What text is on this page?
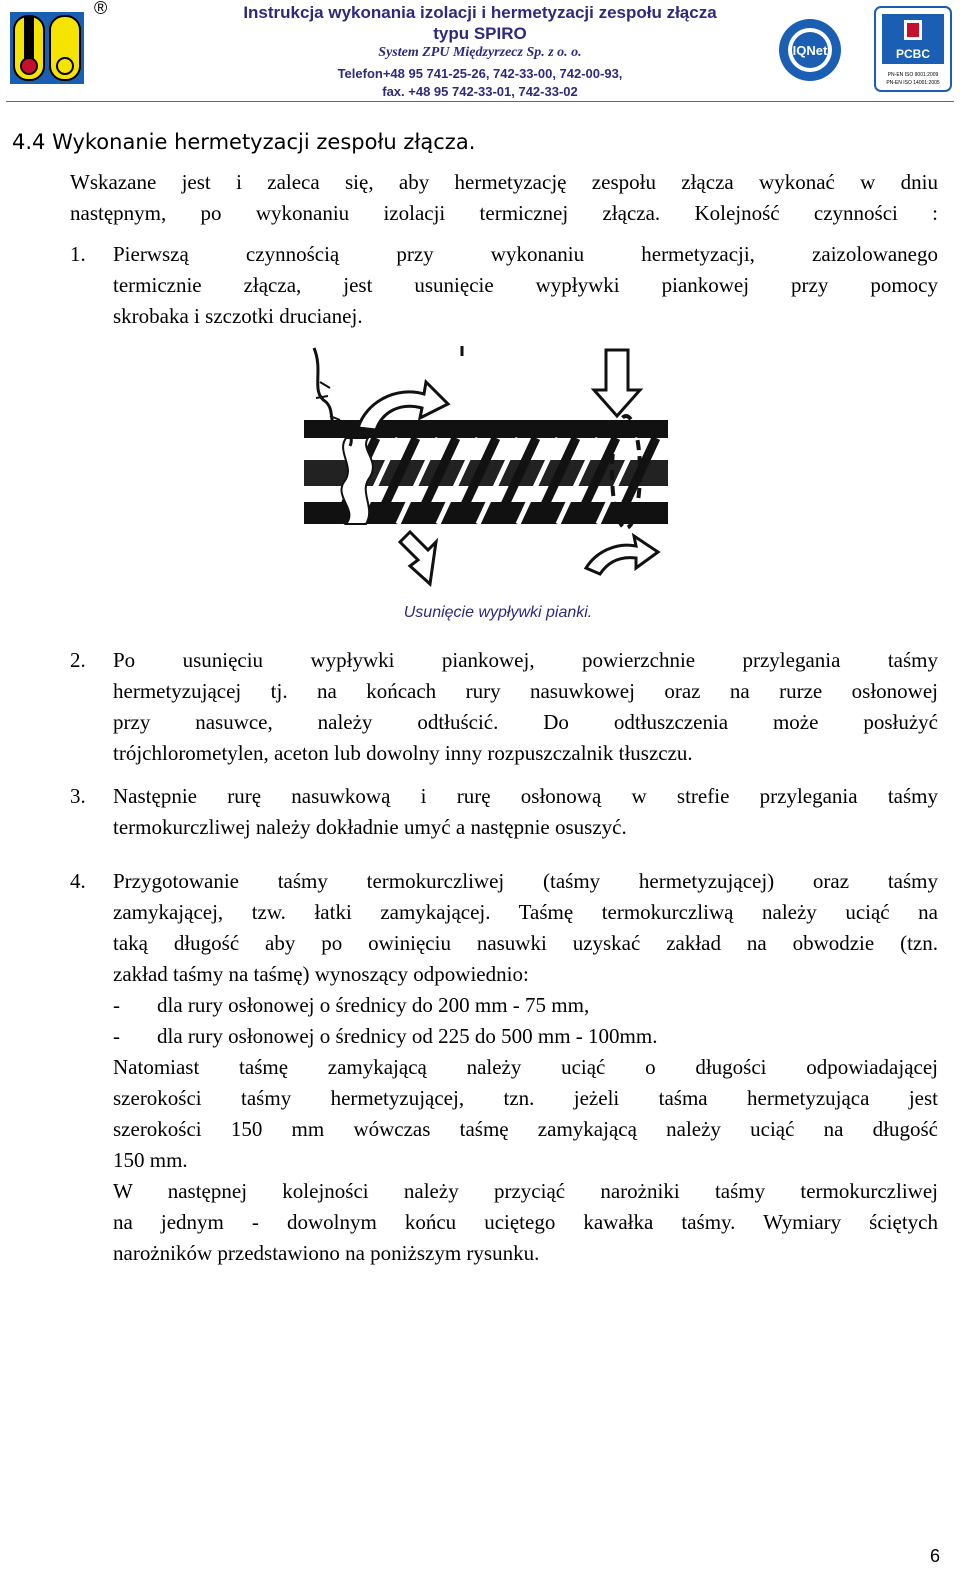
®	Instrukcja wykonania izolacji i hermetyzacji zespołu złącza
typu SPIRO
System ZPU Międzyrzecz Sp. z o. o.
Telefon+48 95 741-25-26, 742-33-00, 742-00-93,
fax. +48 95 742-33-01, 742-33-02
IQNet	PCBC
PN-EN ISO 9001:2009
PN-EN ISO 14001:2005
4.4 Wykonanie hermetyzacji zespołu złącza.
Wskazane jest i zaleca się, aby hermetyzację zespołu złącza wykonać w dniu
następnym, po wykonaniu izolacji termicznej złącza. Kolejność czynności :
1. Pierwszą czynnością przy wykonaniu hermetyzacji, zaizolowanego
termicznie złącza, jest usunięcie wypływki piankowej przy pomocy
skrobaka i szczotki drucianej.
Usunięcie wypływki pianki.
2. Po usunięciu wypływki piankowej, powierzchnie przylegania taśmy
hermetyzującej tj. na końcach rury nasuwkowej oraz na rurze osłonowej
przy nasuwce, należy odtłuścić. Do odtłuszczenia może posłużyć
trójchlorometylen, aceton lub dowolny inny rozpuszczalnik tłuszczu.
3. Następnie rurę nasuwkową i rurę osłonową w strefie przylegania taśmy
termokurczliwej należy dokładnie umyć a następnie osuszyć.
4. Przygotowanie taśmy termokurczliwej (taśmy hermetyzującej) oraz taśmy
zamykającej, tzw. łatki zamykającej. Taśmę termokurczliwą należy uciąć na
taką długość aby po owinięciu nasuwki uzyskać zakład na obwodzie (tzn.
zakład taśmy na taśmę) wynoszący odpowiednio:
- dla rury osłonowej o średnicy do 200 mm - 75 mm,
- dla rury osłonowej o średnicy od 225 do 500 mm - 100mm.
Natomiast taśmę zamykającą należy uciąć o długości odpowiadającej
szerokości taśmy hermetyzującej, tzn. jeżeli taśma hermetyzująca jest
szerokości 150 mm wówczas taśmę zamykającą należy uciąć na długość
150 mm.
W następnej kolejności należy przyciąć narożniki taśmy termokurczliwej
na jednym - dowolnym końcu uciętego kawałka taśmy. Wymiary ściętych
narożników przedstawiono na poniższym rysunku.
6
